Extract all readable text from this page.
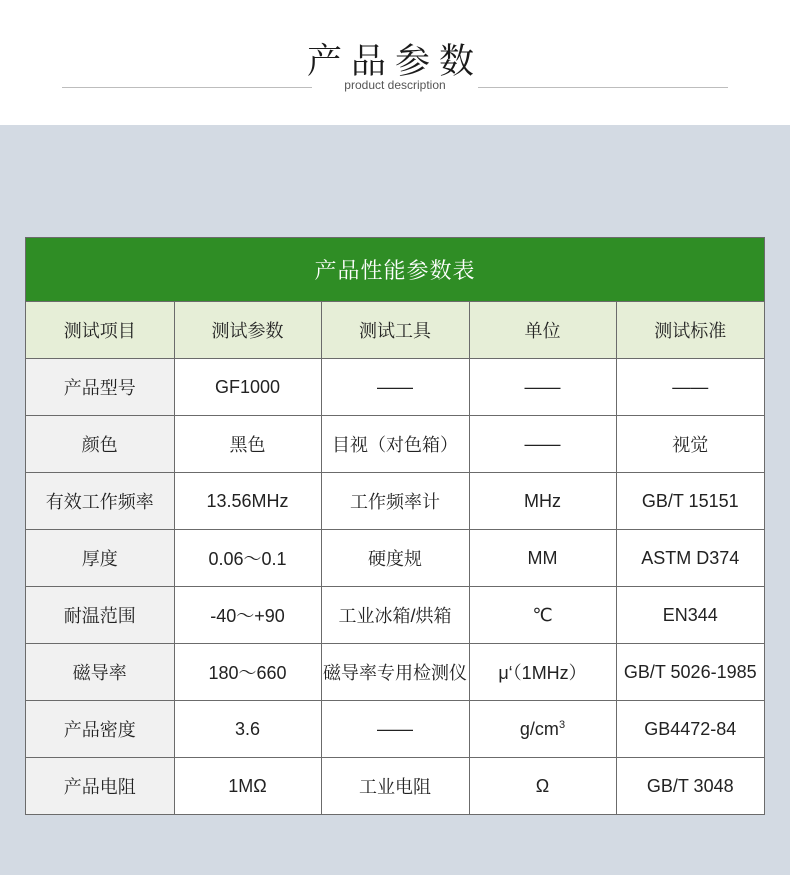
产品参数
product description
产品性能参数表
测试项目	测试参数	测试工具	单位	测试标准
产品型号	GF1000	——	——	——
颜色	黑色	目视（对色箱）	——	视觉
有效工作频率	13.56MHz	工作频率计	MHz	GB/T 15151
厚度	0.06～0.1	硬度规	MM	ASTM D374
耐温范围	-40～+90	工业冰箱/烘箱	℃	EN344
磁导率	180～660	磁导率专用检测仪	μ‘（1MHz）	GB/T 5026-1985
产品密度	3.6	——	$g/cm^3$	GB4472-84
产品电阻	1MΩ	工业电阻	Ω	GB/T 3048
